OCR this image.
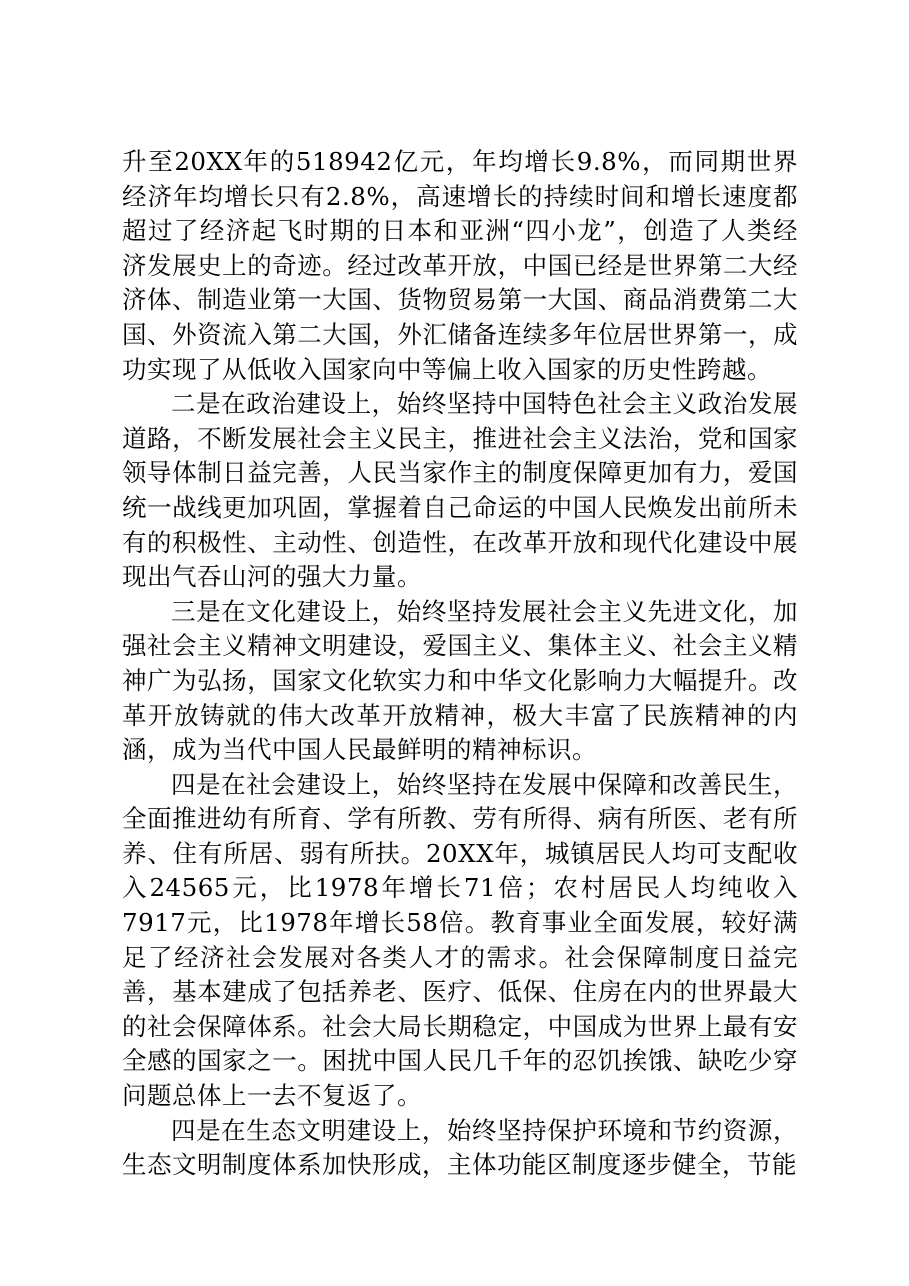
升至20XX年的518942亿元，年均增长9.8%，而同期世界经济年均增长只有2.8%，高速增长的持续时间和增长速度都超过了经济起飞时期的日本和亚洲“四小龙”，创造了人类经济发展史上的奇迹。经过改革开放，中国已经是世界第二大经济体、制造业第一大国、货物贸易第一大国、商品消费第二大国、外资流入第二大国，外汇储备连续多年位居世界第一，成功实现了从低收入国家向中等偏上收入国家的历史性跨越。

二是在政治建设上，始终坚持中国特色社会主义政治发展道路，不断发展社会主义民主，推进社会主义法治，党和国家领导体制日益完善，人民当家作主的制度保障更加有力，爱国统一战线更加巩固，掌握着自己命运的中国人民焕发出前所未有的积极性、主动性、创造性，在改革开放和现代化建设中展现出气吞山河的强大力量。

三是在文化建设上，始终坚持发展社会主义先进文化，加强社会主义精神文明建设，爱国主义、集体主义、社会主义精神广为弘扬，国家文化软实力和中华文化影响力大幅提升。改革开放铸就的伟大改革开放精神，极大丰富了民族精神的内涵，成为当代中国人民最鲜明的精神标识。

四是在社会建设上，始终坚持在发展中保障和改善民生，全面推进幼有所育、学有所教、劳有所得、病有所医、老有所养、住有所居、弱有所扶。20XX年，城镇居民人均可支配收入24565元，比1978年增长71倍；农村居民人均纯收入7917元，比1978年增长58倍。教育事业全面发展，较好满足了经济社会发展对各类人才的需求。社会保障制度日益完善，基本建成了包括养老、医疗、低保、住房在内的世界最大的社会保障体系。社会大局长期稳定，中国成为世界上最有安全感的国家之一。困扰中国人民几千年的忍饥挨饿、缺吃少穿问题总体上一去不复返了。

四是在生态文明建设上，始终坚持保护环境和节约资源，生态文明制度体系加快形成，主体功能区制度逐步健全，节能
